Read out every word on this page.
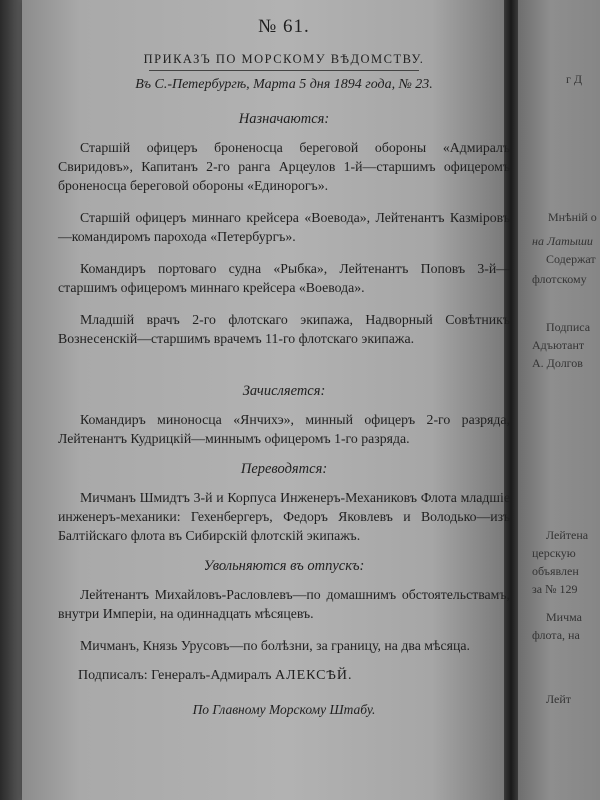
г Д
Мнѣній о
на Латыши
Содержат
флотскому
Подписа
Адъютант
А. Долгов
Лейтена
церскую
объявлен
за № 129
Мичма
флота, на
Лейт
№ 61.
ПРИКАЗЪ ПО МОРСКОМУ ВѢДОМСТВУ.
Въ С.-Петербургѣ, Марта 5 дня 1894 года, № 23.
Назначаются:

Старшій офицеръ броненосца береговой обороны «Адмиралъ Свиридовъ», Капитанъ 2-го ранга Арцеулов 1-й—старшимъ офицеромъ броненосца береговой обороны «Единорогъ».

Старшій офицеръ миннаго крейсера «Воевода», Лейтенантъ Казміровъ—командиромъ парохода «Петербургъ».

Командиръ портоваго судна «Рыбка», Лейтенантъ Поповъ 3-й—старшимъ офицеромъ миннаго крейсера «Воевода».

Младшій врачъ 2-го флотскаго экипажа, Надворный Совѣтникъ Вознесенскій—старшимъ врачемъ 11-го флотскаго экипажа.

Зачисляется:

Командиръ миноносца «Янчихэ», минный офицеръ 2-го разряда, Лейтенантъ Кудрицкій—миннымъ офицеромъ 1-го разряда.

Переводятся:

Мичманъ Шмидтъ 3-й и Корпуса Инженеръ-Механиковъ Флота младшіе инженеръ-механики: Гехенбергеръ, Федоръ Яковлевъ и Володько—изъ Балтійскаго флота въ Сибирскій флотскій экипажъ.

Увольняются въ отпускъ:

Лейтенантъ Михайловъ-Расловлевъ—по домашнимъ обстоятельствамъ, внутри Имперіи, на одиннадцать мѣсяцевъ.

Мичманъ, Князь Урусовъ—по болѣзни, за границу, на два мѣсяца.

Подписалъ: Генералъ-Адмиралъ АЛЕКСѢЙ.
По Главному Морскому Штабу.
